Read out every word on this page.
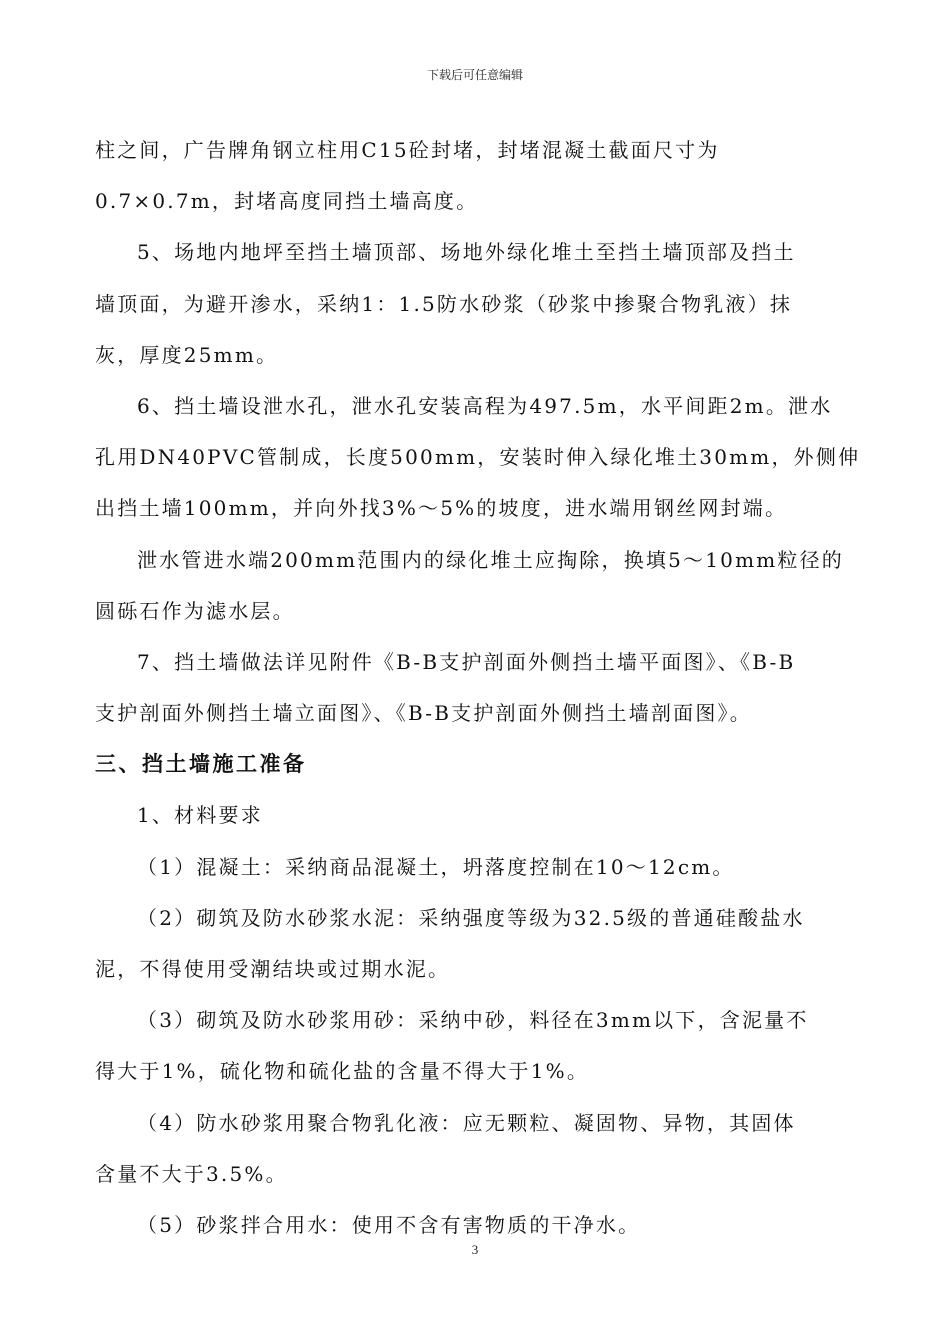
下载后可任意编辑
柱之间，广告牌角钢立柱用C15砼封堵，封堵混凝土截面尺寸为
0.7×0.7m，封堵高度同挡土墙高度。
5、场地内地坪至挡土墙顶部、场地外绿化堆土至挡土墙顶部及挡土
墙顶面，为避开渗水，采纳1：1.5防水砂浆（砂浆中掺聚合物乳液）抹
灰，厚度25mm。
6、挡土墙设泄水孔，泄水孔安装高程为497.5m，水平间距2m。泄水
孔用DN40PVC管制成，长度500mm，安装时伸入绿化堆土30mm，外侧伸
出挡土墙100mm，并向外找3%～5%的坡度，进水端用钢丝网封端。
泄水管进水端200mm范围内的绿化堆土应掏除，换填5～10mm粒径的
圆砾石作为滤水层。
7、挡土墙做法详见附件《B-B支护剖面外侧挡土墙平面图》、《B-B
支护剖面外侧挡土墙立面图》、《B-B支护剖面外侧挡土墙剖面图》。
三、挡土墙施工准备
1、材料要求
（1）混凝土：采纳商品混凝土，坍落度控制在10～12cm。
（2）砌筑及防水砂浆水泥：采纳强度等级为32.5级的普通硅酸盐水
泥，不得使用受潮结块或过期水泥。
（3）砌筑及防水砂浆用砂：采纳中砂，料径在3mm以下，含泥量不
得大于1%，硫化物和硫化盐的含量不得大于1%。
（4）防水砂浆用聚合物乳化液：应无颗粒、凝固物、异物，其固体
含量不大于3.5%。
（5）砂浆拌合用水：使用不含有害物质的干净水。
3
